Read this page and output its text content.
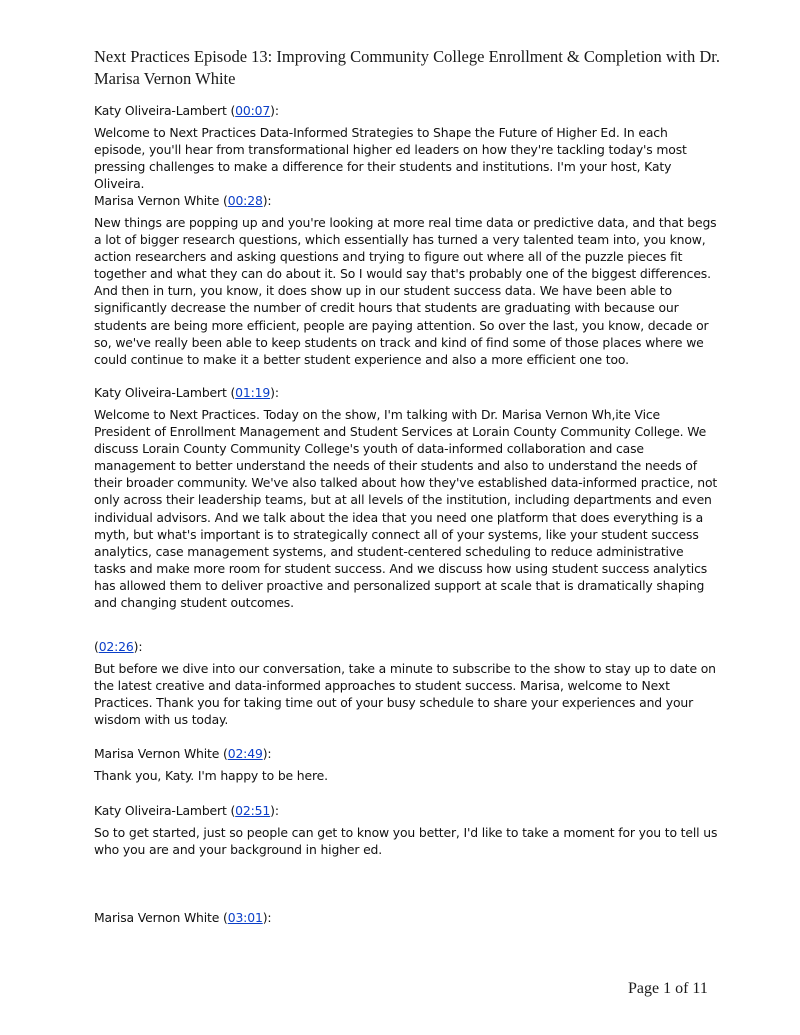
Next Practices Episode 13: Improving Community College Enrollment & Completion with Dr. Marisa Vernon White
Katy Oliveira-Lambert (00:07):
Welcome to Next Practices Data-Informed Strategies to Shape the Future of Higher Ed. In each episode, you'll hear from transformational higher ed leaders on how they're tackling today's most pressing challenges to make a difference for their students and institutions. I'm your host, Katy Oliveira.
Marisa Vernon White (00:28):
New things are popping up and you're looking at more real time data or predictive data, and that begs a lot of bigger research questions, which essentially has turned a very talented team into, you know, action researchers and asking questions and trying to figure out where all of the puzzle pieces fit together and what they can do about it. So I would say that's probably one of the biggest differences. And then in turn, you know, it does show up in our student success data. We have been able to significantly decrease the number of credit hours that students are graduating with because our students are being more efficient, people are paying attention. So over the last, you know, decade or so, we've really been able to keep students on track and kind of find some of those places where we could continue to make it a better student experience and also a more efficient one too.
Katy Oliveira-Lambert (01:19):
Welcome to Next Practices. Today on the show, I'm talking with Dr. Marisa Vernon Wh,ite Vice President of Enrollment Management and Student Services at Lorain County Community College. We discuss Lorain County Community College's youth of data-informed collaboration and case management to better understand the needs of their students and also to understand the needs of their broader community. We've also talked about how they've established data-informed practice, not only across their leadership teams, but at all levels of the institution, including departments and even individual advisors. And we talk about the idea that you need one platform that does everything is a myth, but what's important is to strategically connect all of your systems, like your student success analytics, case management systems, and student-centered scheduling to reduce administrative tasks and make more room for student success. And we discuss how using student success analytics has allowed them to deliver proactive and personalized support at scale that is dramatically shaping and changing student outcomes.
(02:26):
But before we dive into our conversation, take a minute to subscribe to the show to stay up to date on the latest creative and data-informed approaches to student success. Marisa, welcome to Next Practices. Thank you for taking time out of your busy schedule to share your experiences and your wisdom with us today.
Marisa Vernon White (02:49):
Thank you, Katy. I'm happy to be here.
Katy Oliveira-Lambert (02:51):
So to get started, just so people can get to know you better, I'd like to take a moment for you to tell us who you are and your background in higher ed.
Marisa Vernon White (03:01):
Page 1 of 11
